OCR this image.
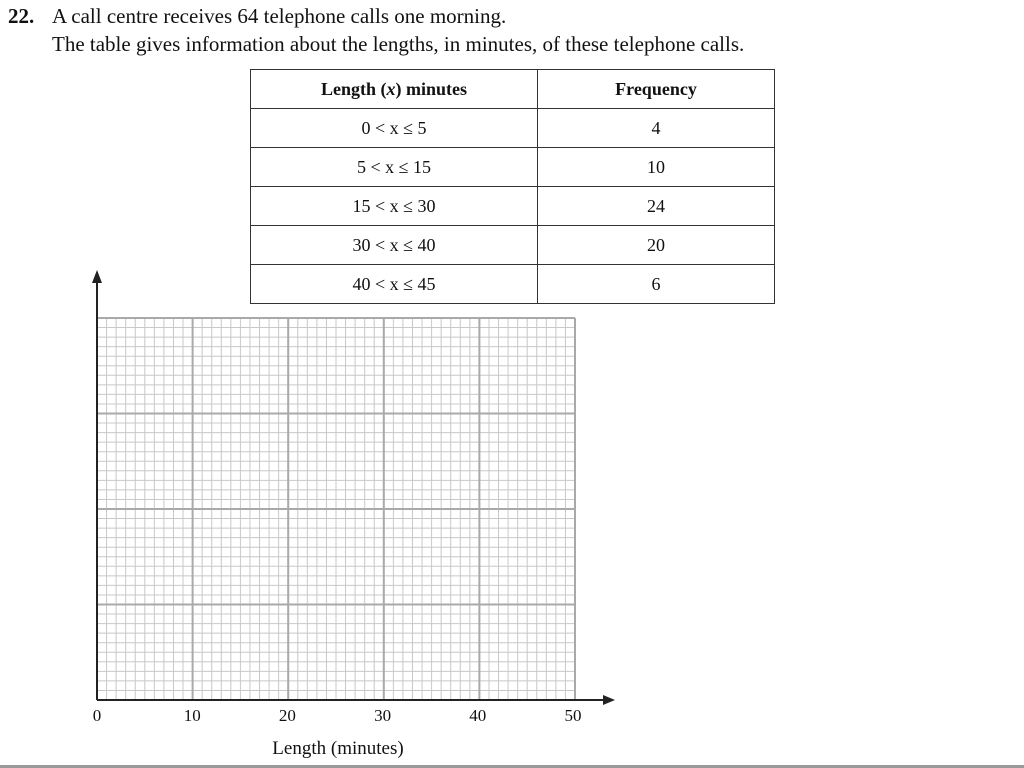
22. A call centre receives 64 telephone calls one morning.
The table gives information about the lengths, in minutes, of these telephone calls.
Length (x) minutes	Frequency
0 < x ≤ 5	4
5 < x ≤ 15	10
15 < x ≤ 30	24
30 < x ≤ 40	20
40 < x ≤ 45	6
0	10	20	30	40	50
Length (minutes)
